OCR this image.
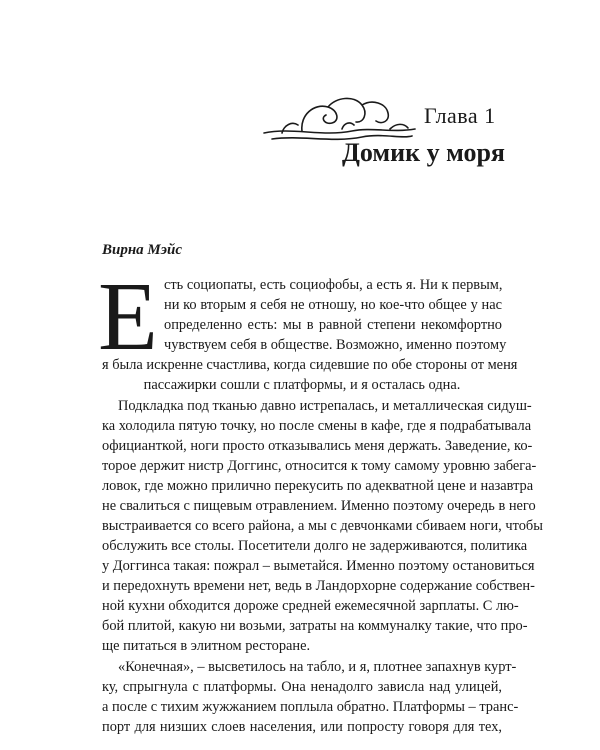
Глава 1
Домик у моря
Вирна Мэйс
Е сть социопаты, есть социофобы, а есть я. Ни к первым,
ни ко вторым я себя не отношу, но кое-что общее у нас
определенно есть: мы в равной степени некомфортно
чувствуем себя в обществе. Возможно, именно поэтому
я была искренне счастлива, когда сидевшие по обе стороны от меня
пассажирки сошли с платформы, и я осталась одна.
Подкладка под тканью давно истрепалась, и металлическая сидуш-
ка холодила пятую точку, но после смены в кафе, где я подрабатывала
официанткой, ноги просто отказывались меня держать. Заведение, ко-
торое держит нистр Доггинс, относится к тому самому уровню забега-
ловок, где можно прилично перекусить по адекватной цене и назавтра
не свалиться с пищевым отравлением. Именно поэтому очередь в него
выстраивается со всего района, а мы с девчонками сбиваем ноги, чтобы
обслужить все столы. Посетители долго не задерживаются, политика
у Доггинса такая: пожрал – выметайся. Именно поэтому остановиться
и передохнуть времени нет, ведь в Ландорхорне содержание собствен-
ной кухни обходится дороже средней ежемесячной зарплаты. С лю-
бой плитой, какую ни возьми, затраты на коммуналку такие, что про-
ще питаться в элитном ресторане.
«Конечная», – высветилось на табло, и я, плотнее запахнув курт-
ку, спрыгнула с платформы. Она ненадолго зависла над улицей,
а после с тихим жужжанием поплыла обратно. Платформы – транс-
порт для низших слоев населения, или попросту говоря для тех,
